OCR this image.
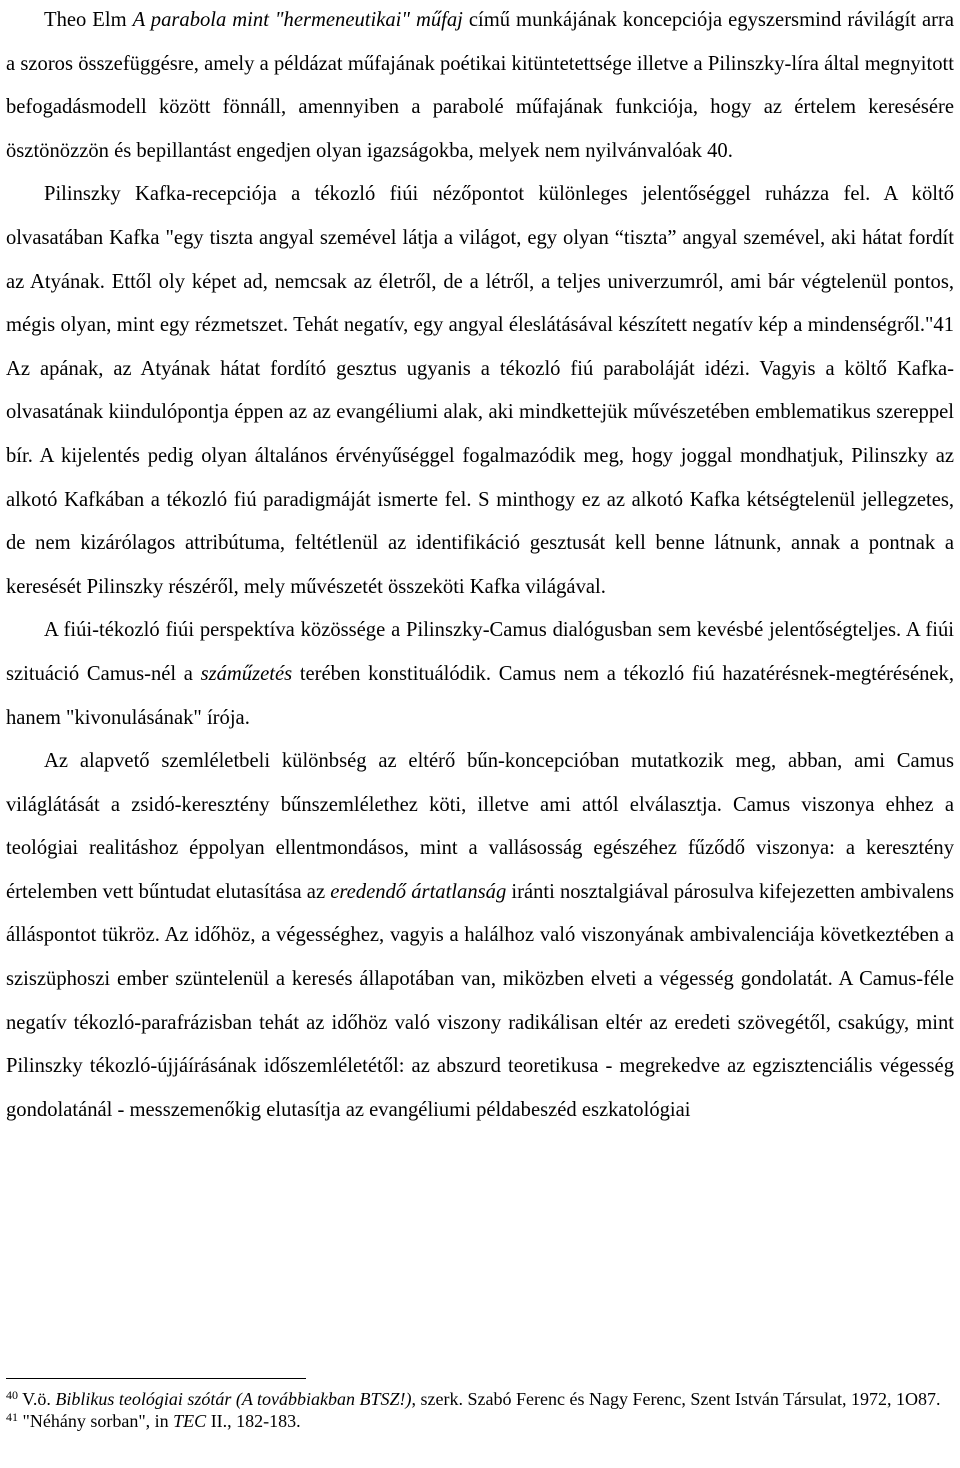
Theo Elm A parabola mint "hermeneutikai" műfaj című munkájának koncepciója egyszersmind rávilágít arra a szoros összefüggésre, amely a példázat műfajának poétikai kitüntetettsége illetve a Pilinszky-líra által megnyitott befogadásmodell között fönnáll, amennyiben a parabolé műfajának funkciója, hogy az értelem keresésére ösztönözzön és bepillantást engedjen olyan igazságokba, melyek nem nyilvánvalóak 40.

Pilinszky Kafka-recepciója a tékozló fiúi nézőpontot különleges jelentőséggel ruházza fel. A költő olvasatában Kafka "egy tiszta angyal szemével látja a világot, egy olyan “tiszta” angyal szemével, aki hátat fordít az Atyának. Ettől oly képet ad, nemcsak az életről, de a létről, a teljes univerzumról, ami bár végtelenül pontos, mégis olyan, mint egy rézmetszet. Tehát negatív, egy angyal éleslátásával készített negatív kép a mindenségről."41 Az apának, az Atyának hátat fordító gesztus ugyanis a tékozló fiú paraboláját idézi. Vagyis a költő Kafka-olvasatának kiindulópontja éppen az az evangéliumi alak, aki mindkettejük művészetében emblematikus szereppel bír. A kijelentés pedig olyan általános érvényűséggel fogalmazódik meg, hogy joggal mondhatjuk, Pilinszky az alkotó Kafkában a tékozló fiú paradigmáját ismerte fel. S minthogy ez az alkotó Kafka kétségtelenül jellegzetes, de nem kizárólagos attribútuma, feltétlenül az identifikáció gesztusát kell benne látnunk, annak a pontnak a keresését Pilinszky részéről, mely művészetét összeköti Kafka világával.

A fiúi-tékozló fiúi perspektíva közössége a Pilinszky-Camus dialógusban sem kevésbé jelentőségteljes. A fiúi szituáció Camus-nél a száműzetés terében konstituálódik. Camus nem a tékozló fiú hazatérésnek-megtérésének, hanem "kivonulásának" írója.

Az alapvető szemléletbeli különbség az eltérő bűn-koncepcióban mutatkozik meg, abban, ami Camus világlátását a zsidó-keresztény bűnszemlélethez köti, illetve ami attól elválasztja. Camus viszonya ehhez a teológiai realitáshoz éppolyan ellentmondásos, mint a vallásosság egészéhez fűződő viszonya: a keresztény értelemben vett bűntudat elutasítása az eredendő ártatlanság iránti nosztalgiával párosulva kifejezetten ambivalens álláspontot tükröz. Az időhöz, a végességhez, vagyis a halálhoz való viszonyának ambivalenciája következtében a sziszüphoszi ember szüntelenül a keresés állapotában van, miközben elveti a végesség gondolatát. A Camus-féle negatív tékozló-parafrázisban tehát az időhöz való viszony radikálisan eltér az eredeti szövegétől, csakúgy, mint Pilinszky tékozló-újjáírásának időszemléletétől: az abszurd teoretikusa - megrekedve az egzisztenciális végesség gondolatánál - messzemenőkig elutasítja az evangéliumi példabeszéd eszkatológiai

$^{40}$ V.ö. Biblikus teológiai szótár (A továbbiakban BTSZ!), szerk. Szabó Ferenc és Nagy Ferenc, Szent István Társulat, 1972, 1O87.

$^{41}$ "Néhány sorban", in TEC II., 182-183.
